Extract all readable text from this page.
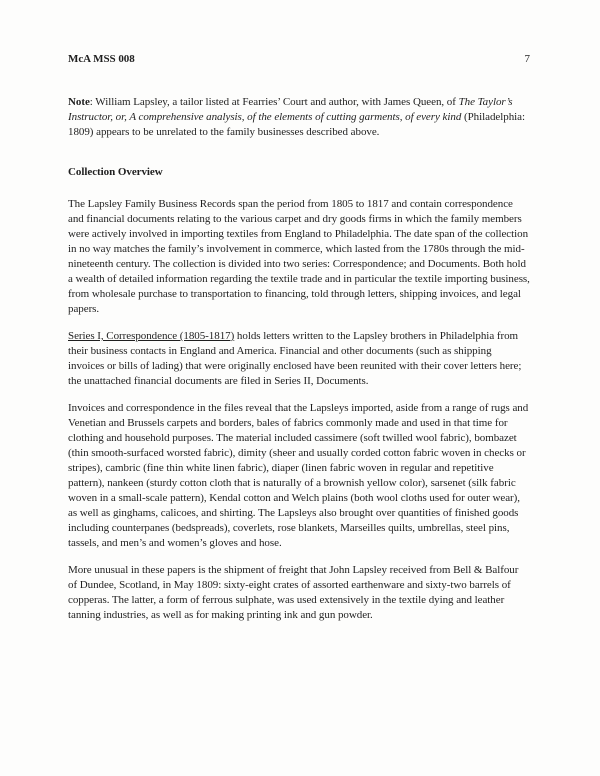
McA MSS 008	7

Note: William Lapsley, a tailor listed at Fearries’ Court and author, with James Queen, of The Taylor’s Instructor, or, A comprehensive analysis, of the elements of cutting garments, of every kind (Philadelphia: 1809) appears to be unrelated to the family businesses described above.

Collection Overview

The Lapsley Family Business Records span the period from 1805 to 1817 and contain correspondence and financial documents relating to the various carpet and dry goods firms in which the family members were actively involved in importing textiles from England to Philadelphia. The date span of the collection in no way matches the family’s involvement in commerce, which lasted from the 1780s through the mid-nineteenth century. The collection is divided into two series: Correspondence; and Documents. Both hold a wealth of detailed information regarding the textile trade and in particular the textile importing business, from wholesale purchase to transportation to financing, told through letters, shipping invoices, and legal papers.

Series I, Correspondence (1805-1817) holds letters written to the Lapsley brothers in Philadelphia from their business contacts in England and America. Financial and other documents (such as shipping invoices or bills of lading) that were originally enclosed have been reunited with their cover letters here; the unattached financial documents are filed in Series II, Documents.

Invoices and correspondence in the files reveal that the Lapsleys imported, aside from a range of rugs and Venetian and Brussels carpets and borders, bales of fabrics commonly made and used in that time for clothing and household purposes. The material included cassimere (soft twilled wool fabric), bombazet (thin smooth-surfaced worsted fabric), dimity (sheer and usually corded cotton fabric woven in checks or stripes), cambric (fine thin white linen fabric), diaper (linen fabric woven in regular and repetitive pattern), nankeen (sturdy cotton cloth that is naturally of a brownish yellow color), sarsenet (silk fabric woven in a small-scale pattern), Kendal cotton and Welch plains (both wool cloths used for outer wear), as well as ginghams, calicoes, and shirting. The Lapsleys also brought over quantities of finished goods including counterpanes (bedspreads), coverlets, rose blankets, Marseilles quilts, umbrellas, steel pins, tassels, and men’s and women’s gloves and hose.

More unusual in these papers is the shipment of freight that John Lapsley received from Bell & Balfour of Dundee, Scotland, in May 1809: sixty-eight crates of assorted earthenware and sixty-two barrels of copperas. The latter, a form of ferrous sulphate, was used extensively in the textile dying and leather tanning industries, as well as for making printing ink and gun powder.
